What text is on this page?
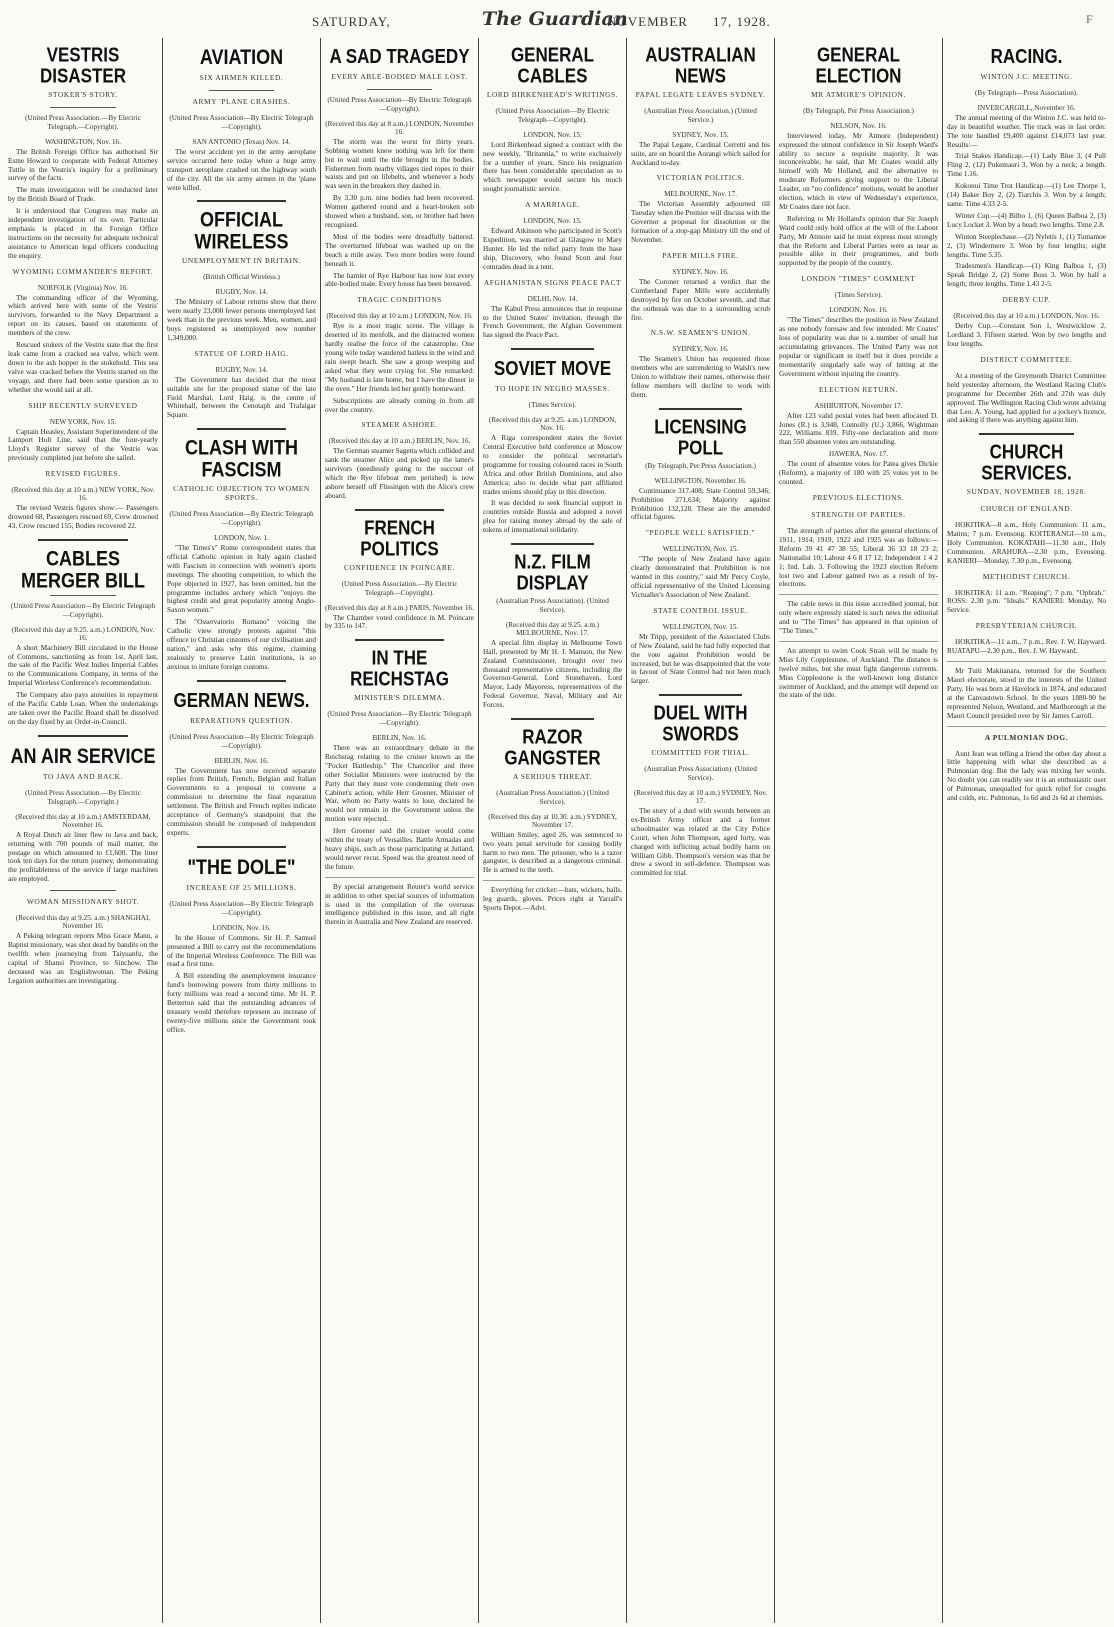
SATURDAY,	The Guardian
NOVEMBER 17, 1928.	F
VESTRIS DISASTER
STOKER'S STORY.
(United Press Association.—By Electric Telegraph.—Copyright).
WASHINGTON, Nov. 16.

The British Foreign Office has authorised Sir Esme Howard to cooperate with Federal Attorney Tuttle in the Vestris's inquiry for a preliminary survey of the facts.

The main investigation will be conducted later by the British Board of Trade.

It is understood that Congress may make an independent investigation of its own. Particular emphasis is placed in the Foreign Office instructions on the necessity for adequate technical assistance to American legal officers conducting the enquiry.

WYOMING COMMANDER'S REPORT.
NORFOLK (Virginia) Nov. 16.

The commanding officer of the Wyoming, which arrived here with some of the Vestris' survivors, forwarded to the Navy Department a report on its causes, based on statements of members of the crew.

Rescued stokers of the Vestris state that the first leak came from a cracked sea valve, which went down to the ash hopper in the stokehold. This sea valve was cracked before the Vestris started on the voyage, and there had been some question as to whether she would sail at all.

SHIP RECENTLY SURVEYED
NEW YORK, Nov. 15.

Captain Heasley, Assistant Superintendent of the Lamport Holt Line, said that the four-yearly Lloyd's Register survey of the Vestris was previously completed just before she sailed.

REVISED FIGURES.
(Received this day at 10 a.m.) NEW YORK, Nov. 16.

The revised Vestris figures show:— Passengers drowned 68, Passengers rescued 69, Crew drowned 43, Crow rescued 155, Bodies recovered 22.

CABLES MERGER BILL
(United Press Association—By Electric Telegraph—Copyright).
(Received this day at 9.25. a.m.) LONDON, Nov. 16.

A short Machinery Bill circulated in the House of Commons, sanctioning as from 1st. April last, the sale of the Pacific West Indies Imperial Cables to the Communications Company, in terms of the Imperial Wireless Conference's recommendation.

The Company also pays annuities in repayment of the Pacific Cable Loan. When the undertakings are taken over the Pacific Board shall be dissolved on the day fixed by an Order-in-Council.

AN AIR SERVICE
TO JAVA AND BACK.
(United Press Association.—By Electric Telegraph.—Copyright.)
(Received this day at 10 a.m.) AMSTERDAM, November 16.

A Royal Dutch air liner flew to Java and back, returning with 700 pounds of mail matter, the postage on which amounted to £1,600. The liner took ten days for the return journey, demonstrating the profitableness of the service if large machines are employed.

WOMAN MISSIONARY SHOT.
(Received this day at 9.25. a.m.) SHANGHAI, November 16.

A Peking telegram reports Miss Grace Mann, a Baptist missionary, was shot dead by bandits on the twelfth when journeying from Taiyuanfu, the capital of Shansi Province, to Sinchow. The deceased was an Englishwoman. The Peking Legation authorities are investigating.

AVIATION
SIX AIRMEN KILLED.
ARMY 'PLANE CRASHES.
(United Press Association—By Electric Telegraph—Copyright).
SAN ANTONIO (Texas) Nov. 14.

The worst accident yet in the army aeroplane service occurred here today when a huge army transport aeroplane crashed on the highway south of the city. All the six army airmen in the 'plane were killed.

OFFICIAL WIRELESS
UNEMPLOYMENT IN BRITAIN.
(British Official Wireless.)
RUGBY, Nov. 14.

The Ministry of Labour returns show that there were nearly 23,000 fewer persons unemployed last week than in the previous week. Men, women, and boys registered as unemployed now number 1,349,000.

STATUE OF LORD HAIG.
RUGBY, Nov. 14.

The Government has decided that the most suitable site for the proposed statue of the late Field Marshal, Lord Haig, is the centre of Whitehall, between the Cenotaph and Trafalgar Square.

CLASH WITH FASCISM
CATHOLIC OBJECTION TO WOMEN SPORTS.
(United Press Association—By Electric Telegraph—Copyright).
LONDON, Nov. 1.

"The Times's" Rome correspondent states that official Catholic opinion in Italy again clashed with Fascism in connection with women's sports meetings. The shooting competition, to which the Pope objected in 1927, has been omitted, but the programme includes archery which "enjoys the highest credit and great popularity among Anglo-Saxon women."

The "Osservatorio Romano" voicing the Catholic view strongly protests against "this offence to Christian customs of our civilisation and nation," and asks why this regime, claiming zealously to preserve Latin institutions, is so anxious to imitate foreign customs.

GERMAN NEWS.
REPARATIONS QUESTION.
(United Press Association—By Electric Telegraph—Copyright).
BERLIN, Nov. 16.

The Government has now received separate replies from British, French, Belgian and Italian Governments to a proposal to convene a commission to determine the final reparation settlement. The British and French replies indicate acceptance of Germany's standpoint that the commission should be composed of independent experts.

"THE DOLE"
INCREASE OF 25 MILLIONS.
(United Press Association—By Electric Telegraph—Copyright).
LONDON, Nov. 16.

In the House of Commons, Sir H. P. Samuel presented a Bill to carry out the recommendations of the Imperial Wireless Conference. The Bill was read a first time.

A Bill extending the unemployment insurance fund's borrowing powers from thirty millions to forty millions was read a second time. Mr H. P. Betterton said that the outstanding advances of treasury would therefore represent an increase of twenty-five millions since the Government took office.

A SAD TRAGEDY
EVERY ABLE-BODIED MALE LOST.
(United Press Association—By Electric Telegraph—Copyright).
(Received this day at 8 a.m.) LONDON, November 16.

The storm was the worst for thirty years. Sobbing women knew nothing was left for them but to wait until the tide brought in the bodies. Fishermen from nearby villages tied ropes to their waists and put on lifebelts, and whenever a body was seen in the breakers they dashed in.

By 3.30 p.m. nine bodies had been recovered. Women gathered round and a heart-broken sob showed when a husband, son, or brother had been recognised.

Most of the bodies were dreadfully battered. The overturned lifeboat was washed up on the beach a mile away. Two more bodies were found beneath it.

The hamlet of Rye Harbour has now lost every able-bodied male. Every house has been bereaved.

TRAGIC CONDITIONS
(Received this day at 10 a.m.) LONDON, Nov. 16.

Rye is a most tragic scene. The village is deserted of its menfolk, and the distracted women hardly realise the force of the catastrophe. One young wife today wandered hatless in the wind and rain swept beach. She saw a group weeping and asked what they were crying for. She remarked: "My husband is late home, but I have the dinner in the oven." Her friends led her gently homeward.

Subscriptions are already coming in from all over the country.

STEAMER ASHORE.
(Received this day at 10 a.m.) BERLIN, Nov. 16.

The German steamer Sagetta which collided and sank the steamer Alice and picked up the latter's survivors (needlessly going to the succour of which the Rye lifeboat men perished) is now ashore herself off Flissingen with the Alice's crew aboard.

FRENCH POLITICS
CONFIDENCE IN POINCARE.
(United Press Association.—By Electric Telegraph—Copyright).
(Received this day at 8 a.m.) PARIS, November 16.

The Chamber voted confidence in M. Poincare by 335 to 147.

IN THE REICHSTAG
MINISTER'S DILEMMA.
(United Press Association—By Electric Telegraph—Copyright).
BERLIN, Nov. 16.

There was an extraordinary debate in the Reichstag relating to the cruiser known as the "Pocket Battleship." The Chancellor and three other Socialist Ministers were instructed by the Party that they must vote condemning their own Cabinet's action, while Herr Groener, Minister of War, whom no Party wants to lose, declared he would not remain in the Government unless the motion were rejected.

Herr Groener said the cruiser would come within the treaty of Versailles. Battle Armadas and heavy ships, such as those participating at Jutland, would never recur. Speed was the greatest need of the future.

By special arrangement Reuter's world service in addition to other special sources of information is used in the compilation of the overseas intelligence published in this issue, and all right therein in Australia and New Zealand are reserved.

GENERAL CABLES
LORD BIRKENHEAD'S WRITINGS.
(United Press Association—By Electric Telegraph—Copyright).
LONDON, Nov. 15.

Lord Birkenhead signed a contract with the new weekly, "Britannia," to write exclusively for a number of years. Since his resignation there has been considerable speculation as to which newspaper would secure his much sought journalistic service.

A MARRIAGE.
LONDON, Nov. 15.

Edward Atkinson who participated in Scott's Expedition, was married at Glasgow to Mary Hunter. He led the relief party from the base ship, Discovery, who found Scott and four comrades dead in a tent.

AFGHANISTAN SIGNS PEACE PACT
DELHI, Nov. 14.

The Kabul Press announces that in response to the United States' invitation, through the French Government, the Afghan Government has signed the Peace Pact.

SOVIET MOVE
TO HOPE IN NEGRO MASSES.
(Times Service).
(Received this day at 9.25. a.m.) LONDON, Nov. 16.

A Riga correspondent states the Soviet Central Executive held conference at Moscow to consider the political secretariat's programme for rousing coloured races in South Africa and other British Dominions, and also America; also to decide what part affiliated trades unions should play in this direction.

It was decided to seek financial support in countries outside Russia and adopted a novel plea for raising money abroad by the sale of tokens of international solidarity.

N.Z. FILM DISPLAY
(Australian Press Association). (United Service).
(Received this day at 9.25. a.m.) MELBOURNE, Nov. 17.

A special film display in Melbourne Town Hall, presented by Mr H. J. Manson, the New Zealand Commissioner, brought over two thousand representative citizens, including the Governor-General, Lord Stonehaven, Lord Mayor, Lady Mayoress, representatives of the Federal Governor, Naval, Military and Air Forces.

RAZOR GANGSTER
A SERIOUS THREAT.
(Australian Press Association.) (United Service).
(Received this day at 10.30. a.m.) SYDNEY, November 17.

William Smiley, aged 26, was sentenced to two years penal servitude for causing bodily harm to two men. The prisoner, who is a razor gangster, is described as a dangerous criminal. He is armed to the teeth.

Everything for cricket:—bats, wickets, balls, leg guards, gloves. Prices right at Yarrall's Sports Depot.—Advt.

AUSTRALIAN NEWS
PAPAL LEGATE LEAVES SYDNEY.
(Australian Press Association.) (United Service.)
SYDNEY, Nov. 15.

The Papal Legate, Cardinal Cerretti and his suite, are on board the Aorangi which sailed for Auckland to-day.

VICTORIAN POLITICS.
MELBOURNE, Nov. 17.

The Victorian Assembly adjourned till Tuesday when the Premier will discuss with the Governor a proposal for dissolution or the formation of a stop-gap Ministry till the end of November.

PAPER MILLS FIRE.
SYDNEY, Nov. 16.

The Coroner returned a verdict that the Cumberland Paper Mills were accidentally destroyed by fire on October seventh, and that the outbreak was due to a surrounding scrub fire.

N.S.W. SEAMEN'S UNION.
SYDNEY, Nov. 16.

The Seamen's Union has requested those members who are surrendering to Walsh's new Union to withdraw their names, otherwise their fellow members will decline to work with them.

LICENSING POLL
(By Telegraph, Per Press Association.)
WELLINGTON, November 16.

Continuance 317,408; State Control 59,346; Prohibition 271,634; Majority against Prohibition 132,128. These are the amended official figures.

"PEOPLE WELL SATISFIED."
WELLINGTON, Nov. 15.

"The people of New Zealand have again clearly demonstrated that Prohibition is not wanted in this country," said Mr Percy Coyle, official representative of the United Licensing Victualler's Association of New Zealand.

STATE CONTROL ISSUE.
WELLINGTON, Nov. 15.

Mr Tripp, president of the Associated Clubs of New Zealand, said he had fully expected that the vote against Prohibition would be increased, but he was disappointed that the vote in favour of State Control had not been much larger.

DUEL WITH SWORDS
COMMITTED FOR TRIAL.
(Australian Press Association). (United Service).
(Received this day at 10 a.m.) SYDNEY, Nov. 17.

The story of a duel with swords between an ex-British Army officer and a former schoolmaster was related at the City Police Court, when John Thompson, aged forty, was charged with inflicting actual bodily harm on William Gibb. Thompson's version was that he drew a sword in self-defence. Thompson was committed for trial.

GENERAL ELECTION
MR ATMORE'S OPINION.
(By Telegraph, Per Press Association.)
NELSON, Nov. 16.

Interviewed today, Mr Atmore (Independent) expressed the utmost confidence in Sir Joseph Ward's ability to secure a requisite majority. It was inconceivable, he said, that Mr Coates would ally himself with Mr Holland, and the alternative to moderate Reformers giving support to the Liberal Leader, on "no confidence" motions, would be another election, which in view of Wednesday's experience, Mr Coates dare not face.

Referring to Mr Holland's opinion that Sir Joseph Ward could only hold office at the will of the Labour Party, Mr Atmore said he must express most strongly that the Reform and Liberal Parties were as near as possible alike in their programmes, and both supported by the people of the country.

LONDON "TIMES" COMMENT
(Times Service).
LONDON, Nov. 16.

"The Times" describes the position in New Zealand as one nobody foresaw and few intended. Mr Coates' loss of popularity was due to a number of small but accumulating grievances. The United Party was not popular or significant in itself but it does provide a momentarily singularly safe way of hitting at the Government without injuring the country.

ELECTION RETURN.
ASHBURTON, November 17.

After 123 valid postal votes had been allocated D. Jones (R.) is 3,948, Connolly (U.) 3,866, Wightman 222, Williams 839. Fifty-one declaration and more than 550 absentee votes are outstanding.

HAWERA, Nov. 17.

The count of absentee votes for Patea gives Dickie (Reform), a majority of 180 with 25 votes yet to be counted.

PREVIOUS ELECTIONS.
STRENGTH OF PARTIES.

The strength of parties after the general elections of 1911, 1914, 1919, 1922 and 1925 was as follows:— Reform 39 41 47 38 55; Liberal 36 33 18 23 2; Nationalist 10; Labour 4 6 8 17 12; Independent 1 4 2 1; Ind. Lab. 3. Following the 1923 election Reform lost two and Labour gained two as a result of by-elections.

The cable news in this issue accredited journal, but only where expressly stated is such news the editorial and to "The Times" has appeared in that opinion of "The Times."

An attempt to swim Cook Strait will be made by Miss Lily Copplestone, of Auckland. The distance is twelve miles, but she must fight dangerous currents. Miss Copplestone is the well-known long distance swimmer of Auckland, and the attempt will depend on the state of the tide.

RACING.
WINTON J.C. MEETING.
(By Telegraph—Press Association).
INVERCARGILL, November 16.

The annual meeting of the Winton J.C. was held to-day in beautiful weather. The track was in fast order. The tote handled £9,400 against £14,073 last year. Results:—

Trial Stakes Handicap.—(1) Lady Blue 3, (4 Pull Fling 2, (12) Pukemauri 3. Won by a neck; a length. Time 1.16.

Kokonui Time Trot Handicap.—(1) Lee Thorpe 1, (14) Baker Boy 2, (2) Tiarchis 3. Won by a length; same. Time 4.33 2-5.

Winter Cup.—(4) Bilbo 1, (6) Queen Balboa 2, (3) Lucy Locket 3. Won by a head; two lengths. Time 2.8.

Winton Steeplechase.—(2) Nyletis 1, (1) Tumamoe 2, (3) Windermere 3. Won by four lengths; eight lengths. Time 5.35.

Tradesmen's Handicap.—(1) King Balboa 1, (3) Speak Bridge 2, (2) Some Boss 3. Won by half a length; three lengths. Time 1.43 2-5.

DERBY CUP.
(Received this day at 10 a.m.) LONDON, Nov. 16.

Derby Cup.—Constant Son 1, Westwicklow 2, Lordland 3. Fifteen started. Won by two lengths and four lengths.

DISTRICT COMMITTEE.

At a meeting of the Greymouth District Committee held yesterday afternoon, the Westland Racing Club's programme for December 26th and 27th was duly approved. The Wellington Racing Club wrote advising that Leo. A. Young, had applied for a jockey's licence, and asking if there was anything against him.

CHURCH SERVICES.
SUNDAY, NOVEMBER 18, 1928.
CHURCH OF ENGLAND.

HOKITIKA—8 a.m., Holy Communion: 11 a.m., Matins; 7 p.m. Evensong. KOITERANGI—10 a.m., Holy Communion. KOKATAHI—11.30 a.m., Holy Communion. ARAHURA—2.30 p.m., Evensong. KANIERI—Monday, 7.30 p.m., Evensong.

METHODIST CHURCH.

HOKITIKA: 11 a.m. "Reaping"; 7 p.m. "Ophrah." ROSS: 2.30 p.m. "Ideals." KANIERI: Monday, No Service.

PRESBYTERIAN CHURCH.

HOKITIKA—11 a.m., 7 p.m., Rev. J. W. Hayward. RUATAPU—2.30 p.m., Rev. J. W. Hayward.

Mr Tuiti Makitanara, returned for the Southern Maori electorate, stood in the interests of the United Party. He was born at Havelock in 1874, and educated at the Canvastown School. In the years 1880-90 he represented Nelson, Westland, and Marlborough at the Maori Council presided over by Sir James Carroll.

A PULMONIAN DOG.

Aunt Jean was telling a friend the other day about a little happening with what she described as a Pulmonian dog. But the lady was mixing her words. No doubt you can readily see it is an enthusiastic user of Pulmonas, unequalled for quick relief for coughs and colds, etc. Pulmonas, 1s 6d and 2s 6d at chemists.
